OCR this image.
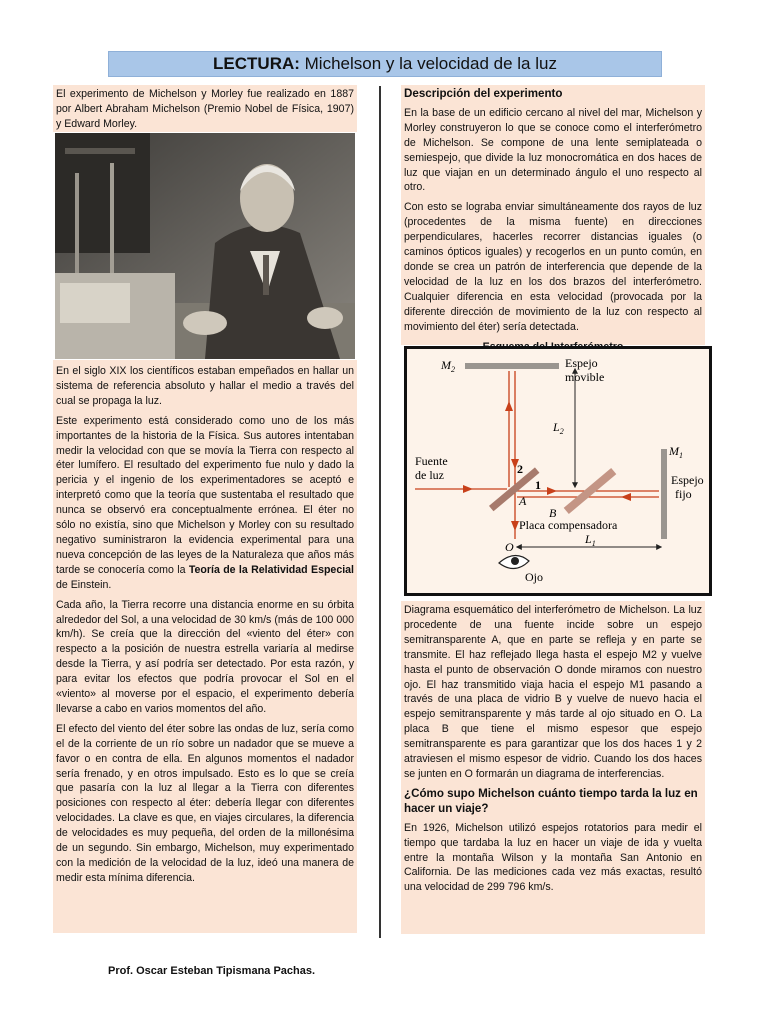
LECTURA: Michelson y la velocidad de la luz

El experimento de Michelson y Morley fue realizado en 1887 por Albert Abraham Michelson (Premio Nobel de Física, 1907) y Edward Morley.

En el siglo XIX los científicos estaban empeñados en hallar un sistema de referencia absoluto y hallar el medio a través del cual se propaga la luz.

Este experimento está considerado como uno de los más importantes de la historia de la Física. Sus autores intentaban medir la velocidad con que se movía la Tierra con respecto al éter lumífero. El resultado del experimento fue nulo y dado la pericia y el ingenio de los experimentadores se aceptó e interpretó como que la teoría que sustentaba el resultado que nunca se observó era conceptualmente errónea. El éter no sólo no existía, sino que Michelson y Morley con su resultado negativo suministraron la evidencia experimental para una nueva concepción de las leyes de la Naturaleza que años más tarde se conocería como la Teoría de la Relatividad Especial de Einstein.

Cada año, la Tierra recorre una distancia enorme en su órbita alrededor del Sol, a una velocidad de 30 km/s (más de 100 000 km/h). Se creía que la dirección del «viento del éter» con respecto a la posición de nuestra estrella variaría al medirse desde la Tierra, y así podría ser detectado. Por esta razón, y para evitar los efectos que podría provocar el Sol en el «viento» al moverse por el espacio, el experimento debería llevarse a cabo en varios momentos del año.

El efecto del viento del éter sobre las ondas de luz, sería como el de la corriente de un río sobre un nadador que se mueve a favor o en contra de ella. En algunos momentos el nadador sería frenado, y en otros impulsado. Esto es lo que se creía que pasaría con la luz al llegar a la Tierra con diferentes posiciones con respecto al éter: debería llegar con diferentes velocidades. La clave es que, en viajes circulares, la diferencia de velocidades es muy pequeña, del orden de la millonésima de un segundo. Sin embargo, Michelson, muy experimentado con la medición de la velocidad de la luz, ideó una manera de medir esta mínima diferencia.

Descripción del experimento

En la base de un edificio cercano al nivel del mar, Michelson y Morley construyeron lo que se conoce como el interferómetro de Michelson. Se compone de una lente semiplateada o semiespejo, que divide la luz monocromática en dos haces de luz que viajan en un determinado ángulo el uno respecto al otro.

Con esto se lograba enviar simultáneamente dos rayos de luz (procedentes de la misma fuente) en direcciones perpendiculares, hacerles recorrer distancias iguales (o caminos ópticos iguales) y recogerlos en un punto común, en donde se crea un patrón de interferencia que depende de la velocidad de la luz en los dos brazos del interferómetro. Cualquier diferencia en esta velocidad (provocada por la diferente dirección de movimiento de la luz con respecto al movimiento del éter) sería detectada.

$M_2$	Espejo
movible
$L_2$
$M_1$
Espejo
fijo
Fuente
de luz	2
1
A
B
Placa compensadora
$L_1$
O
Ojo

Diagrama esquemático del interferómetro de Michelson. La luz procedente de una fuente incide sobre un espejo semitransparente A, que en parte se refleja y en parte se transmite. El haz reflejado llega hasta el espejo M2 y vuelve hasta el punto de observación O donde miramos con nuestro ojo. El haz transmitido viaja hacia el espejo M1 pasando a través de una placa de vidrio B y vuelve de nuevo hacia el espejo semitransparente y más tarde al ojo situado en O. La placa B que tiene el mismo espesor que espejo semitransparente es para garantizar que los dos haces 1 y 2 atraviesen el mismo espesor de vidrio. Cuando los dos haces se junten en O formarán un diagrama de interferencias.

¿Cómo supo Michelson cuánto tiempo tarda la luz en hacer un viaje?

En 1926, Michelson utilizó espejos rotatorios para medir el tiempo que tardaba la luz en hacer un viaje de ida y vuelta entre la montaña Wilson y la montaña San Antonio en California. De las mediciones cada vez más exactas, resultó una velocidad de 299 796 km/s.

Prof. Oscar Esteban Tipismana Pachas.
